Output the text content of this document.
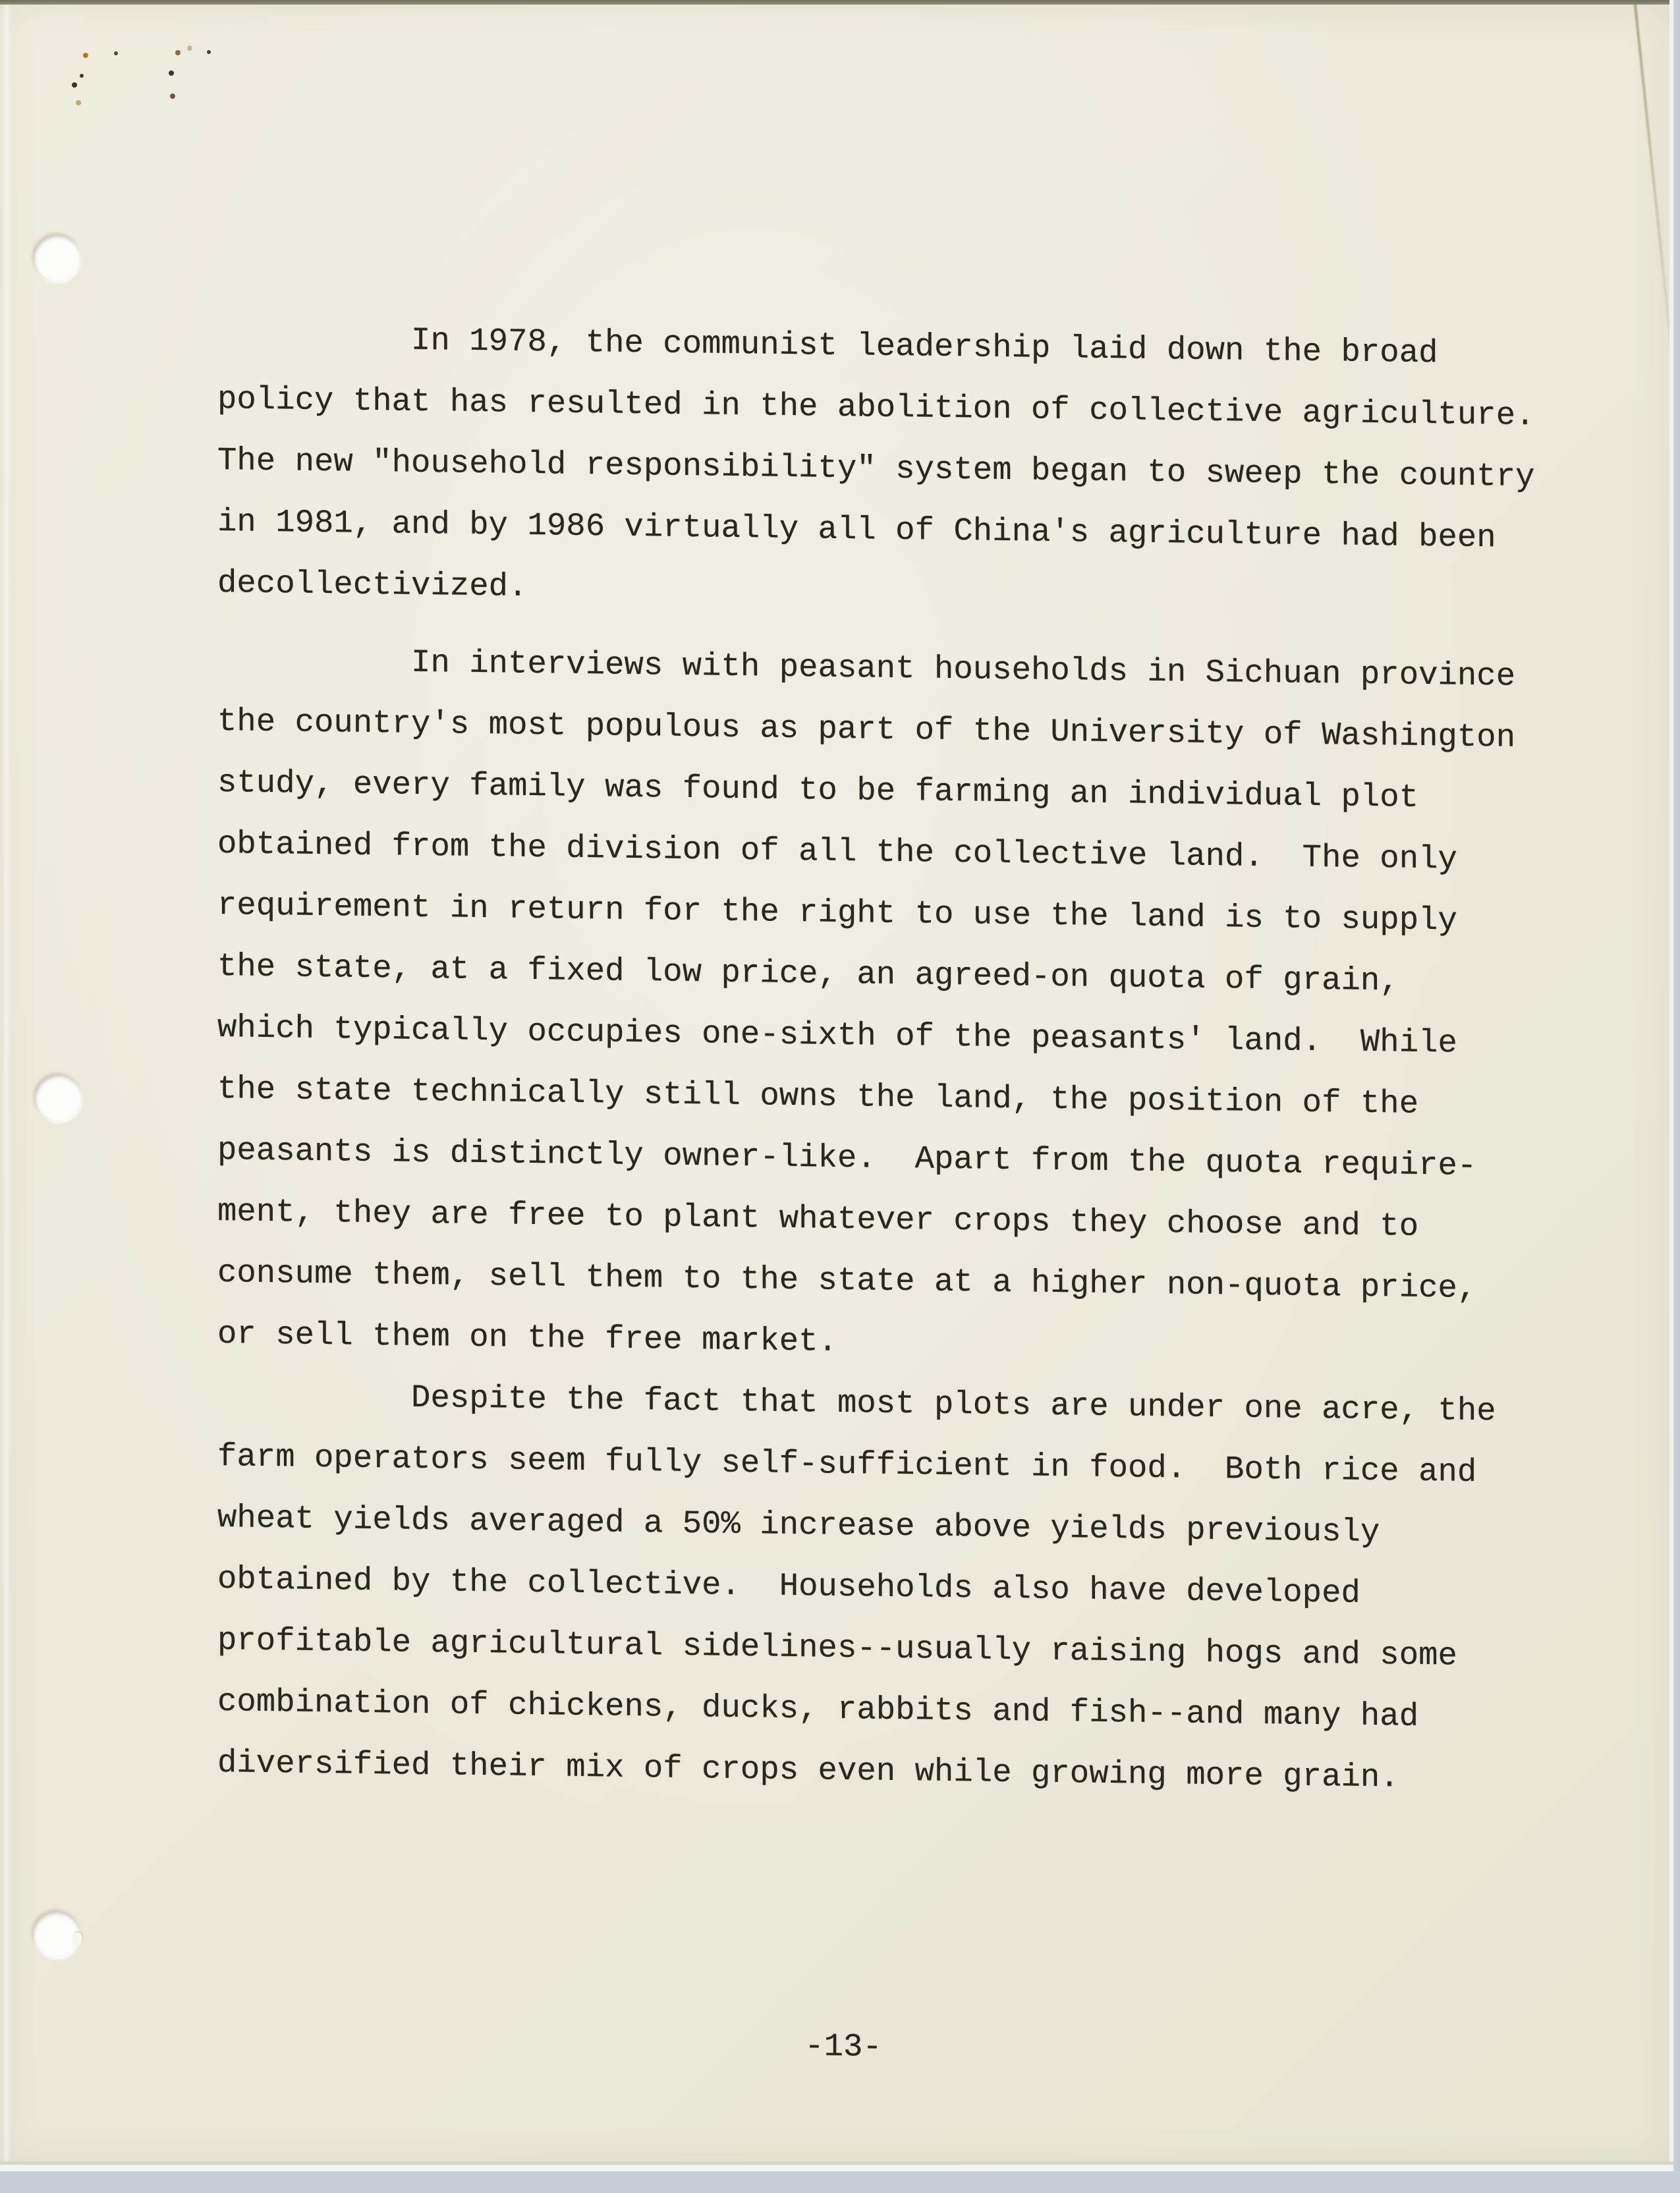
In 1978, the communist leadership laid down the broad
policy that has resulted in the abolition of collective agriculture.
The new "household responsibility" system began to sweep the country
in 1981, and by 1986 virtually all of China's agriculture had been
decollectivized.
In interviews with peasant households in Sichuan province
the country's most populous as part of the University of Washington
study, every family was found to be farming an individual plot
obtained from the division of all the collective land.  The only
requirement in return for the right to use the land is to supply
the state, at a fixed low price, an agreed-on quota of grain,
which typically occupies one-sixth of the peasants' land.  While
the state technically still owns the land, the position of the
peasants is distinctly owner-like.  Apart from the quota require-
ment, they are free to plant whatever crops they choose and to
consume them, sell them to the state at a higher non-quota price,
or sell them on the free market.
Despite the fact that most plots are under one acre, the
farm operators seem fully self-sufficient in food.  Both rice and
wheat yields averaged a 50% increase above yields previously
obtained by the collective.  Households also have developed
profitable agricultural sidelines--usually raising hogs and some
combination of chickens, ducks, rabbits and fish--and many had
diversified their mix of crops even while growing more grain.
-13-
